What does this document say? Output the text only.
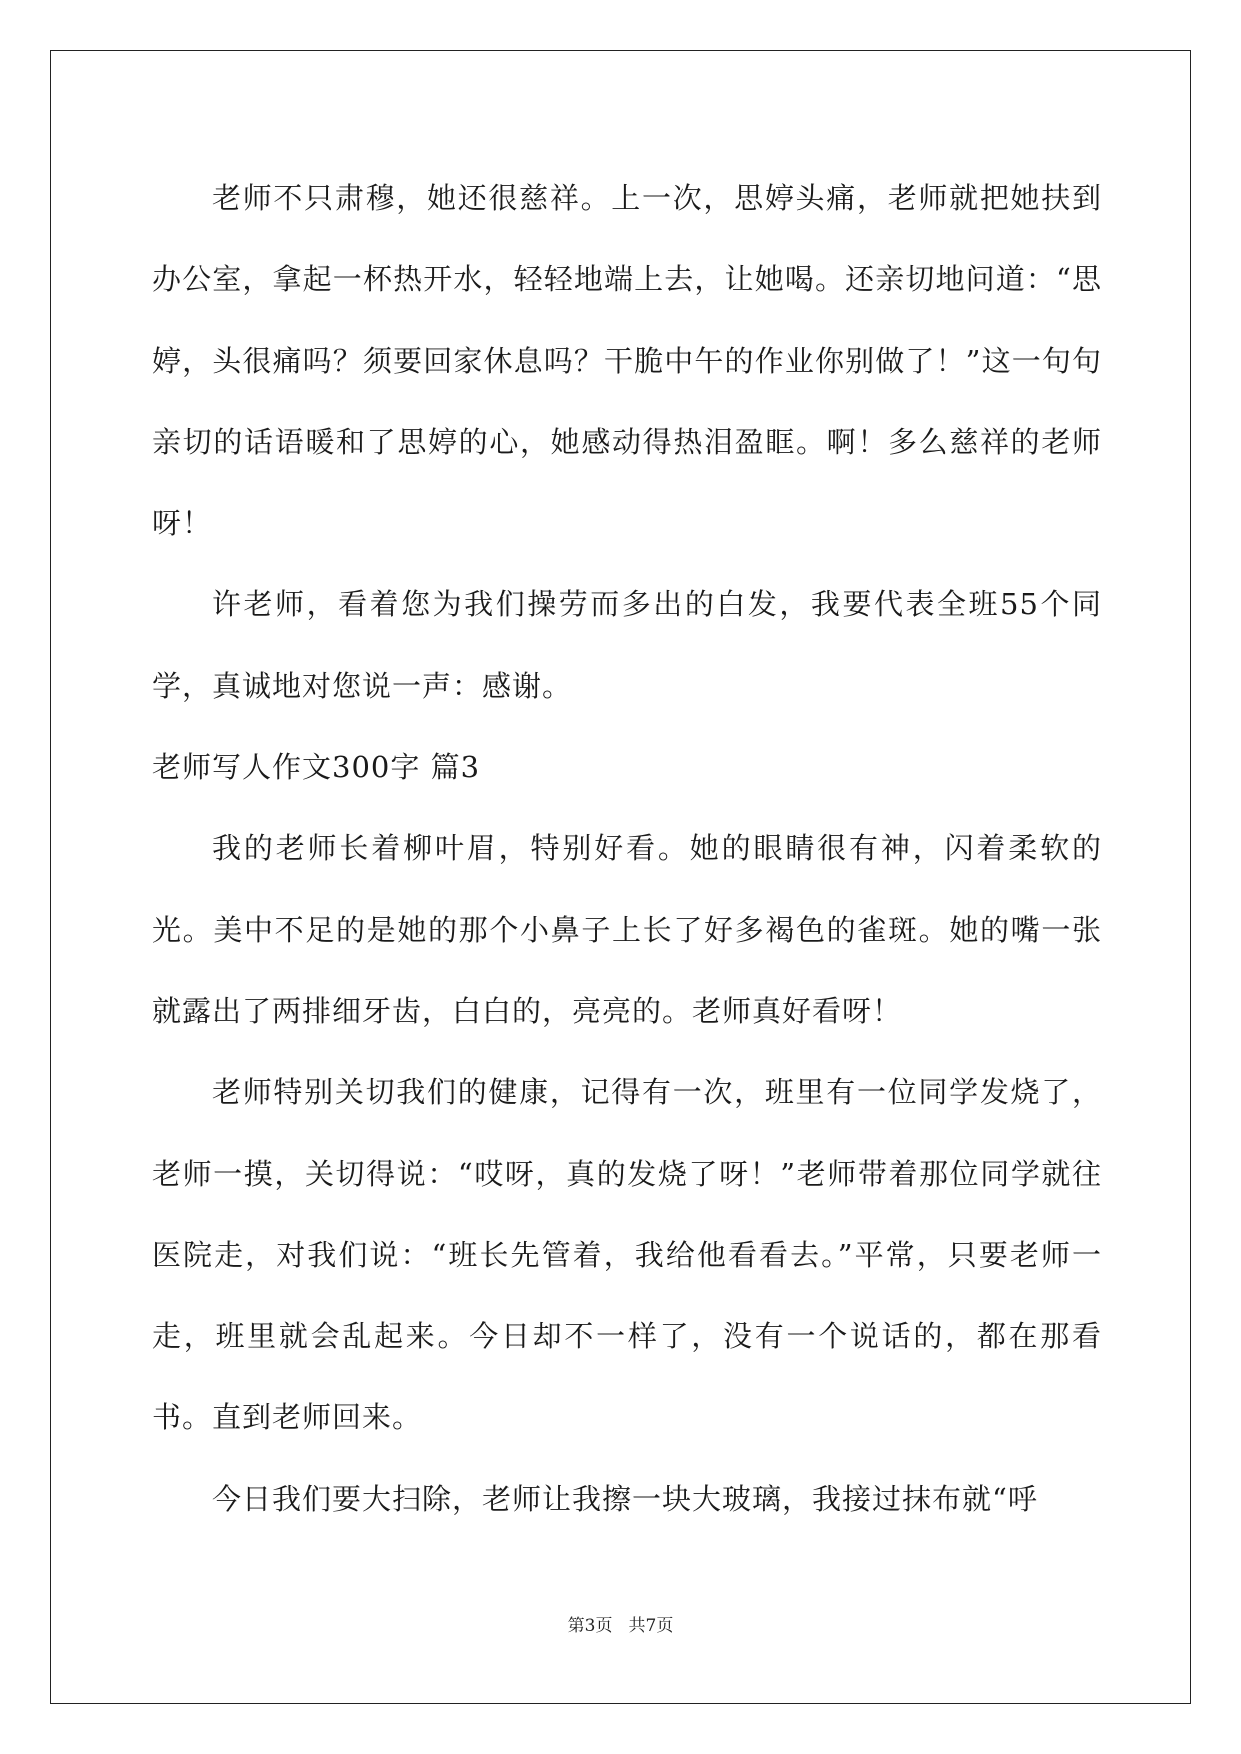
老师不只肃穆，她还很慈祥。上一次，思婷头痛，老师就把她扶到办公室，拿起一杯热开水，轻轻地端上去，让她喝。还亲切地问道：“思婷，头很痛吗？须要回家休息吗？干脆中午的作业你别做了！”这一句句亲切的话语暖和了思婷的心，她感动得热泪盈眶。啊！多么慈祥的老师呀！

许老师，看着您为我们操劳而多出的白发，我要代表全班55个同学，真诚地对您说一声：感谢。

老师写人作文300字 篇3

我的老师长着柳叶眉，特别好看。她的眼睛很有神，闪着柔软的光。美中不足的是她的那个小鼻子上长了好多褐色的雀斑。她的嘴一张就露出了两排细牙齿，白白的，亮亮的。老师真好看呀！

老师特别关切我们的健康，记得有一次，班里有一位同学发烧了，老师一摸，关切得说：“哎呀，真的发烧了呀！”老师带着那位同学就往医院走，对我们说：“班长先管着，我给他看看去。”平常，只要老师一走，班里就会乱起来。今日却不一样了，没有一个说话的，都在那看书。直到老师回来。

今日我们要大扫除，老师让我擦一块大玻璃，我接过抹布就“呼

第3页 共7页
